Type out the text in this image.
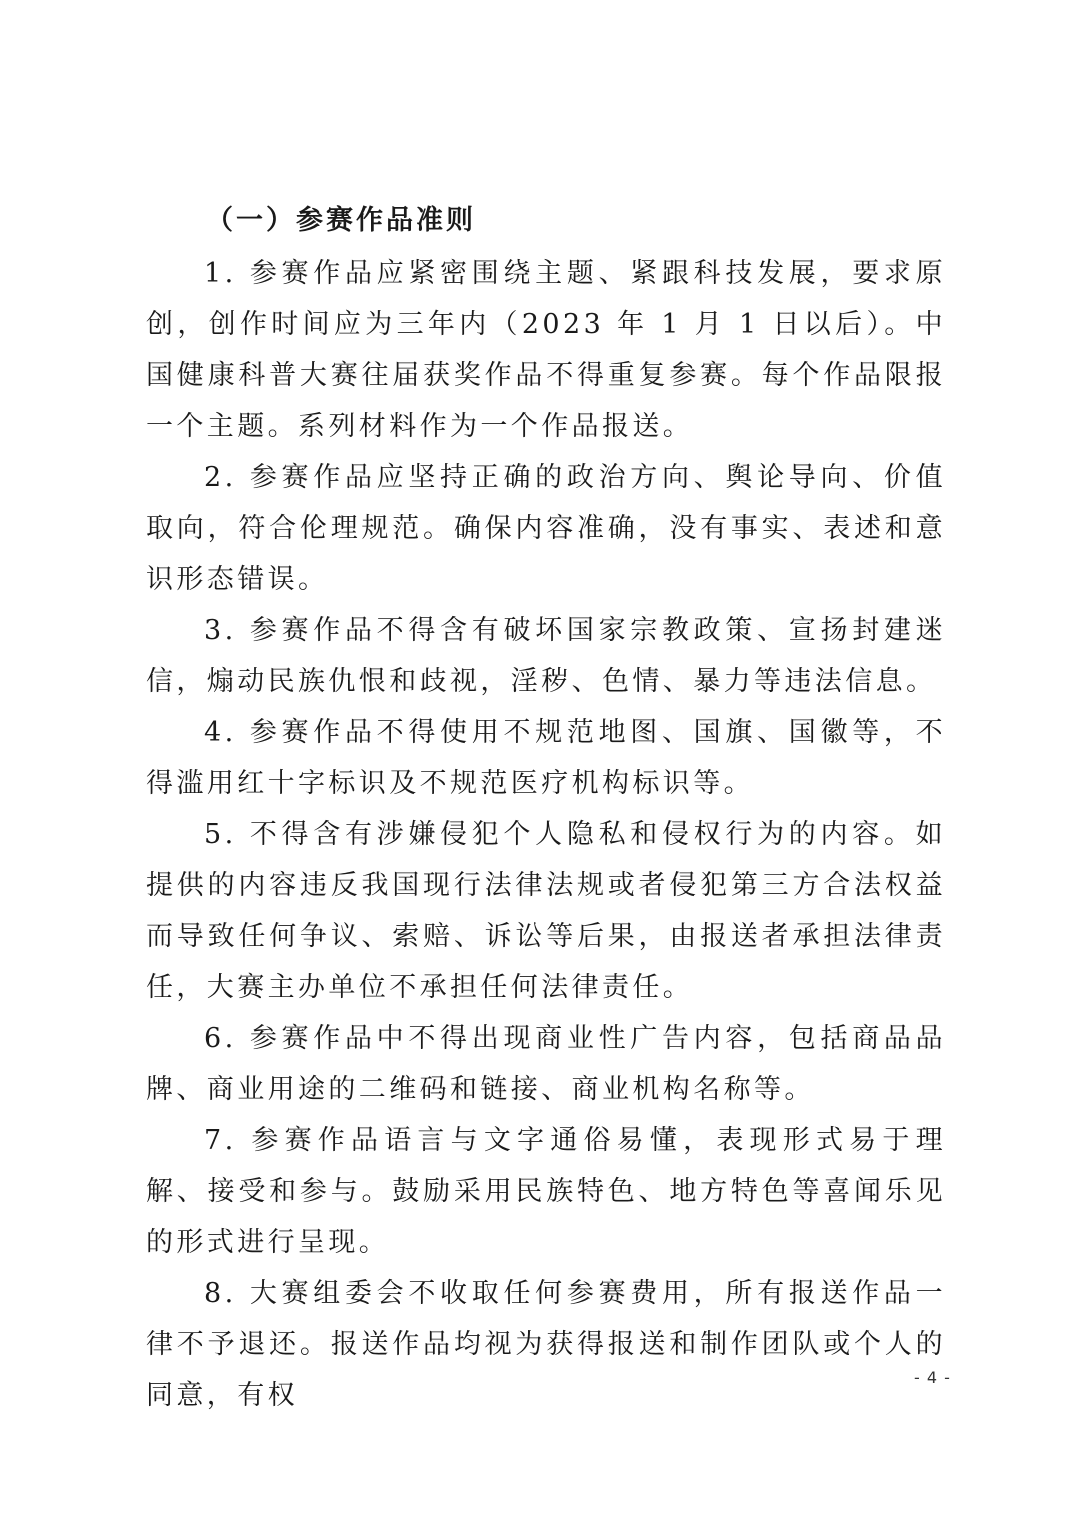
（一）参赛作品准则

1. 参赛作品应紧密围绕主题、紧跟科技发展，要求原创，创作时间应为三年内（2023 年 1 月 1 日以后）。中国健康科普大赛往届获奖作品不得重复参赛。每个作品限报一个主题。系列材料作为一个作品报送。

2. 参赛作品应坚持正确的政治方向、舆论导向、价值取向，符合伦理规范。确保内容准确，没有事实、表述和意识形态错误。

3. 参赛作品不得含有破坏国家宗教政策、宣扬封建迷信，煽动民族仇恨和歧视，淫秽、色情、暴力等违法信息。

4. 参赛作品不得使用不规范地图、国旗、国徽等，不得滥用红十字标识及不规范医疗机构标识等。

5. 不得含有涉嫌侵犯个人隐私和侵权行为的内容。如提供的内容违反我国现行法律法规或者侵犯第三方合法权益而导致任何争议、索赔、诉讼等后果，由报送者承担法律责任，大赛主办单位不承担任何法律责任。

6. 参赛作品中不得出现商业性广告内容，包括商品品牌、商业用途的二维码和链接、商业机构名称等。

7. 参赛作品语言与文字通俗易懂，表现形式易于理解、接受和参与。鼓励采用民族特色、地方特色等喜闻乐见的形式进行呈现。

8. 大赛组委会不收取任何参赛费用，所有报送作品一律不予退还。报送作品均视为获得报送和制作团队或个人的同意，有权

- 4 -
